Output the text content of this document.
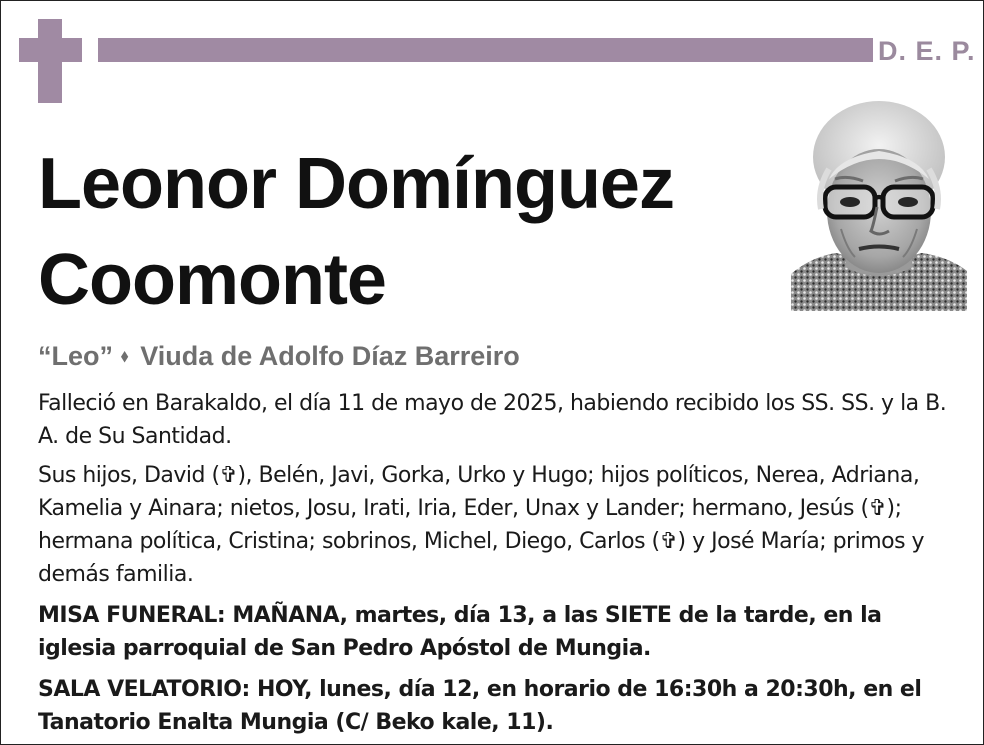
D. E. P.
Leonor Domínguez
Coomonte
“Leo” ⬧ Viuda de Adolfo Díaz Barreiro
Falleció en Barakaldo, el día 11 de mayo de 2025, habiendo recibido los SS. SS. y la B. A. de Su Santidad.
Sus hijos, David (✞), Belén, Javi, Gorka, Urko y Hugo; hijos políticos, Nerea, Adriana, Kamelia y Ainara; nietos, Josu, Irati, Iria, Eder, Unax y Lander; hermano, Jesús (✞); hermana política, Cristina; sobrinos, Michel, Diego, Carlos (✞) y José María; primos y demás familia.
MISA FUNERAL: MAÑANA, martes, día 13, a las SIETE de la tarde, en la iglesia parroquial de San Pedro Apóstol de Mungia.
SALA VELATORIO: HOY, lunes, día 12, en horario de 16:30h a 20:30h, en el Tanatorio Enalta Mungia (C/ Beko kale, 11).
